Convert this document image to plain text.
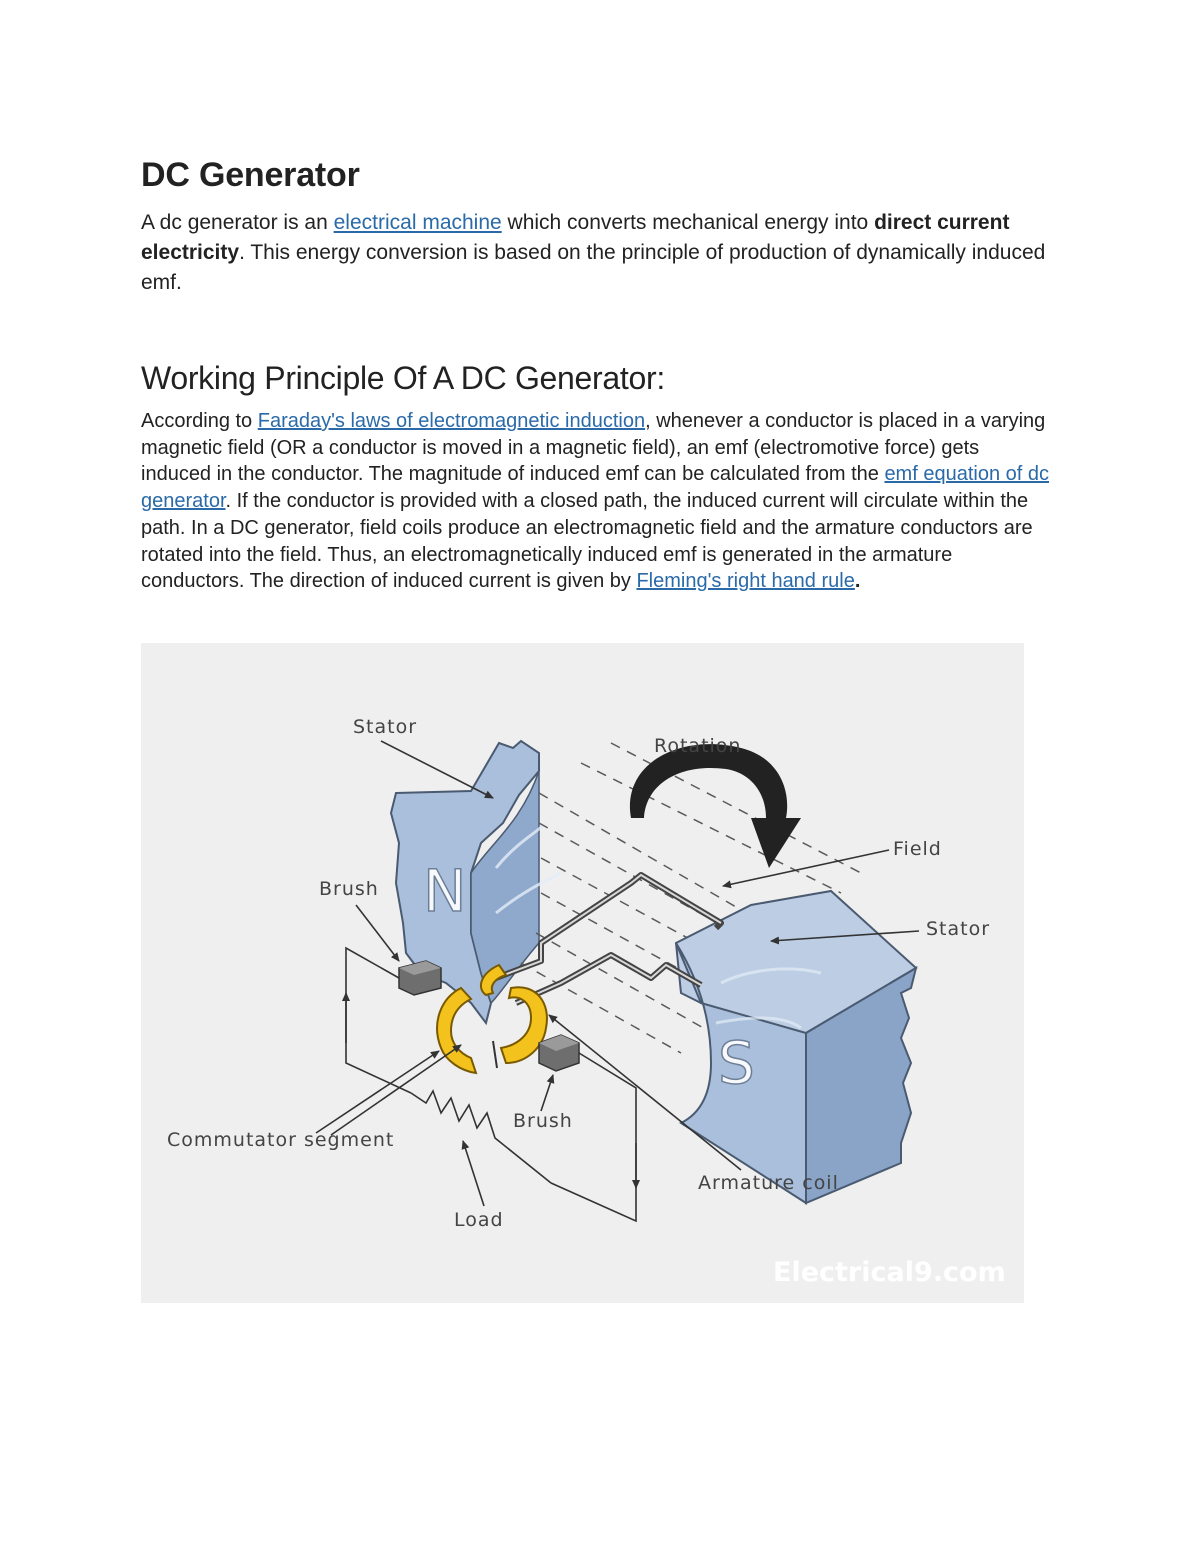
DC Generator

A dc generator is an electrical machine which converts mechanical energy into direct current electricity. This energy conversion is based on the principle of production of dynamically induced emf.

Working Principle Of A DC Generator:

According to Faraday's laws of electromagnetic induction, whenever a conductor is placed in a varying magnetic field (OR a conductor is moved in a magnetic field), an emf (electromotive force) gets induced in the conductor. The magnitude of induced emf can be calculated from the emf equation of dc generator. If the conductor is provided with a closed path, the induced current will circulate within the path. In a DC generator, field coils produce an electromagnetic field and the armature conductors are rotated into the field. Thus, an electromagnetically induced emf is generated in the armature conductors. The direction of induced current is given by Fleming's right hand rule.

N
S
Stator
Rotation
Field
Stator
Brush
Brush
Commutator segment
Armature coil
Load
Electrical9.com
